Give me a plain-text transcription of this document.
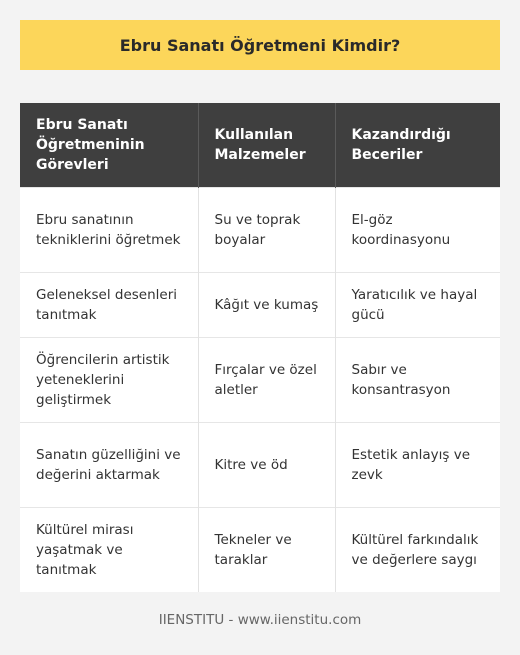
Ebru Sanatı Öğretmeni Kimdir?
Ebru Sanatı Öğretmeninin Görevleri	Kullanılan Malzemeler	Kazandırdığı Beceriler
Ebru sanatının tekniklerini öğretmek	Su ve toprak boyalar	El-göz koordinasyonu
Geleneksel desenleri tanıtmak	Kâğıt ve kumaş	Yaratıcılık ve hayal gücü
Öğrencilerin artistik yeteneklerini geliştirmek	Fırçalar ve özel aletler	Sabır ve konsantrasyon
Sanatın güzelliğini ve değerini aktarmak	Kitre ve öd	Estetik anlayış ve zevk
Kültürel mirası yaşatmak ve tanıtmak	Tekneler ve taraklar	Kültürel farkındalık ve değerlere saygı
IIENSTITU - www.iienstitu.com
